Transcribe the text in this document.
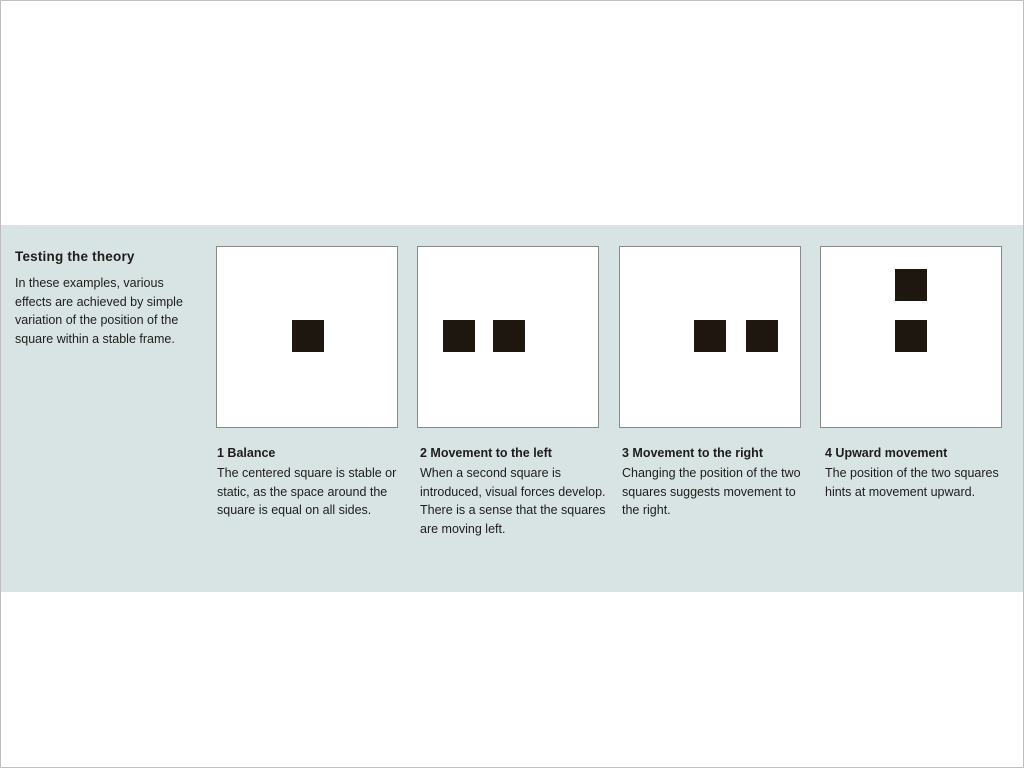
Testing the theory

In these examples, various effects are achieved by simple variation of the position of the square within a stable frame.

1 Balance

The centered square is stable or static, as the space around the square is equal on all sides.

2 Movement to the left

When a second square is introduced, visual forces develop. There is a sense that the squares are moving left.

3 Movement to the right

Changing the position of the two squares suggests movement to the right.

4 Upward movement

The position of the two squares hints at movement upward.
